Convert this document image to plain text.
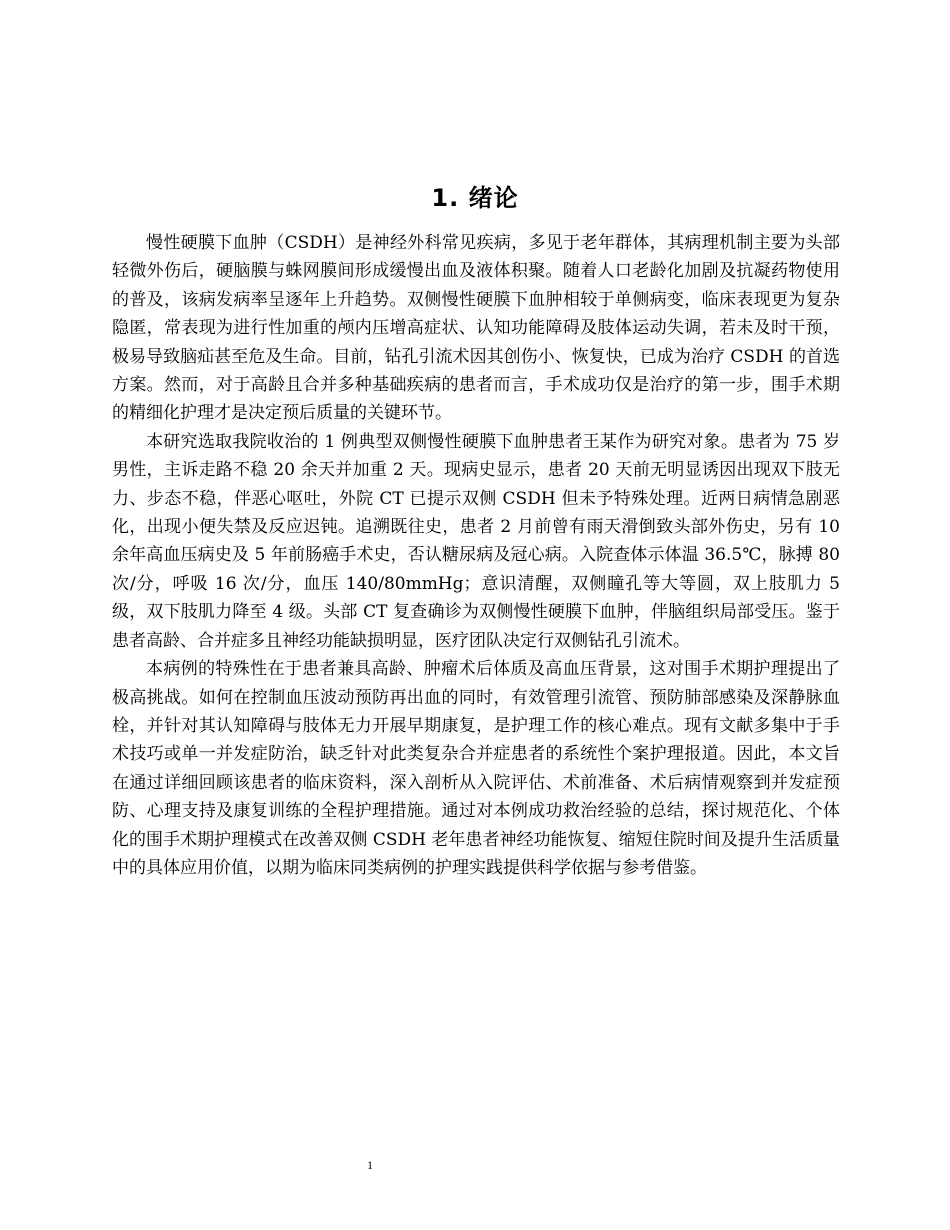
1. 绪论

慢性硬膜下血肿（CSDH）是神经外科常见疾病，多见于老年群体，其病理机制主要为头部轻微外伤后，硬脑膜与蛛网膜间形成缓慢出血及液体积聚。随着人口老龄化加剧及抗凝药物使用的普及，该病发病率呈逐年上升趋势。双侧慢性硬膜下血肿相较于单侧病变，临床表现更为复杂隐匿，常表现为进行性加重的颅内压增高症状、认知功能障碍及肢体运动失调，若未及时干预，极易导致脑疝甚至危及生命。目前，钻孔引流术因其创伤小、恢复快，已成为治疗 CSDH 的首选方案。然而，对于高龄且合并多种基础疾病的患者而言，手术成功仅是治疗的第一步，围手术期的精细化护理才是决定预后质量的关键环节。

本研究选取我院收治的 1 例典型双侧慢性硬膜下血肿患者王某作为研究对象。患者为 75 岁男性，主诉走路不稳 20 余天并加重 2 天。现病史显示，患者 20 天前无明显诱因出现双下肢无力、步态不稳，伴恶心呕吐，外院 CT 已提示双侧 CSDH 但未予特殊处理。近两日病情急剧恶化，出现小便失禁及反应迟钝。追溯既往史，患者 2 月前曾有雨天滑倒致头部外伤史，另有 10 余年高血压病史及 5 年前肠癌手术史，否认糖尿病及冠心病。入院查体示体温 36.5℃，脉搏 80 次/分，呼吸 16 次/分，血压 140/80mmHg；意识清醒，双侧瞳孔等大等圆，双上肢肌力 5 级，双下肢肌力降至 4 级。头部 CT 复查确诊为双侧慢性硬膜下血肿，伴脑组织局部受压。鉴于患者高龄、合并症多且神经功能缺损明显，医疗团队决定行双侧钻孔引流术。

本病例的特殊性在于患者兼具高龄、肿瘤术后体质及高血压背景，这对围手术期护理提出了极高挑战。如何在控制血压波动预防再出血的同时，有效管理引流管、预防肺部感染及深静脉血栓，并针对其认知障碍与肢体无力开展早期康复，是护理工作的核心难点。现有文献多集中于手术技巧或单一并发症防治，缺乏针对此类复杂合并症患者的系统性个案护理报道。因此，本文旨在通过详细回顾该患者的临床资料，深入剖析从入院评估、术前准备、术后病情观察到并发症预防、心理支持及康复训练的全程护理措施。通过对本例成功救治经验的总结，探讨规范化、个体化的围手术期护理模式在改善双侧 CSDH 老年患者神经功能恢复、缩短住院时间及提升生活质量中的具体应用价值，以期为临床同类病例的护理实践提供科学依据与参考借鉴。

1
